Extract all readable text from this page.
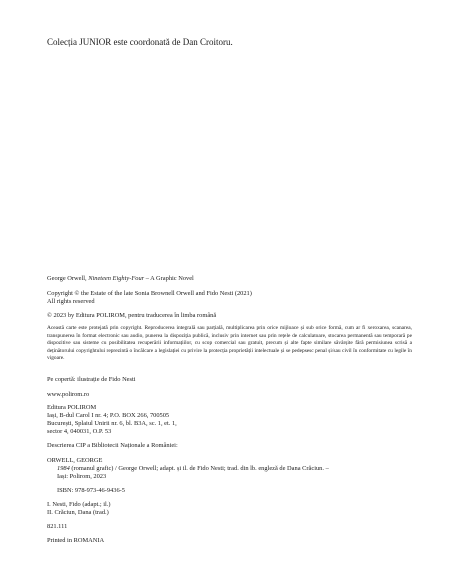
Colecția JUNIOR este coordonată de Dan Croitoru.

George Orwell, Nineteen Eighty-Four – A Graphic Novel

Copyright © the Estate of the late Sonia Brownell Orwell and Fido Nesti (2021)

All rights reserved

© 2023 by Editura POLIROM, pentru traducerea în limba română

Această carte este protejată prin copyright. Reproducerea integrală sau parțială, multiplicarea prin orice mijloace și sub orice formă, cum ar fi xeroxarea, scanarea, transpunerea în format electronic sau audio, punerea la dispoziția publică, inclusiv prin internet sau prin rețele de calculatoare, stocarea permanentă sau temporară pe dispozitive sau sisteme cu posibilitatea recuperării informațiilor, cu scop comercial sau gratuit, precum și alte fapte similare săvârșite fără permisiunea scrisă a deținătorului copyrightului reprezintă o încălcare a legislației cu privire la protecția proprietății intelectuale și se pedepsesc penal și/sau civil în conformitate cu legile în vigoare.

Pe copertă: ilustrație de Fido Nesti

www.polirom.ro

Editura POLIROM

Iași, B-dul Carol I nr. 4; P.O. BOX 266, 700505

București, Splaiul Unirii nr. 6, bl. B3A, sc. 1, et. 1,

sector 4, 040031, O.P. 53

Descrierea CIP a Bibliotecii Naționale a României:

ORWELL, GEORGE

1984 (romanul grafic) / George Orwell; adapt. și il. de Fido Nesti; trad. din lb. engleză de Dana Crăciun. –

Iași: Polirom, 2023

ISBN: 978-973-46-9436-5

I. Nesti, Fido (adapt.; il.)

II. Crăciun, Dana (trad.)

821.111

Printed in ROMANIA
